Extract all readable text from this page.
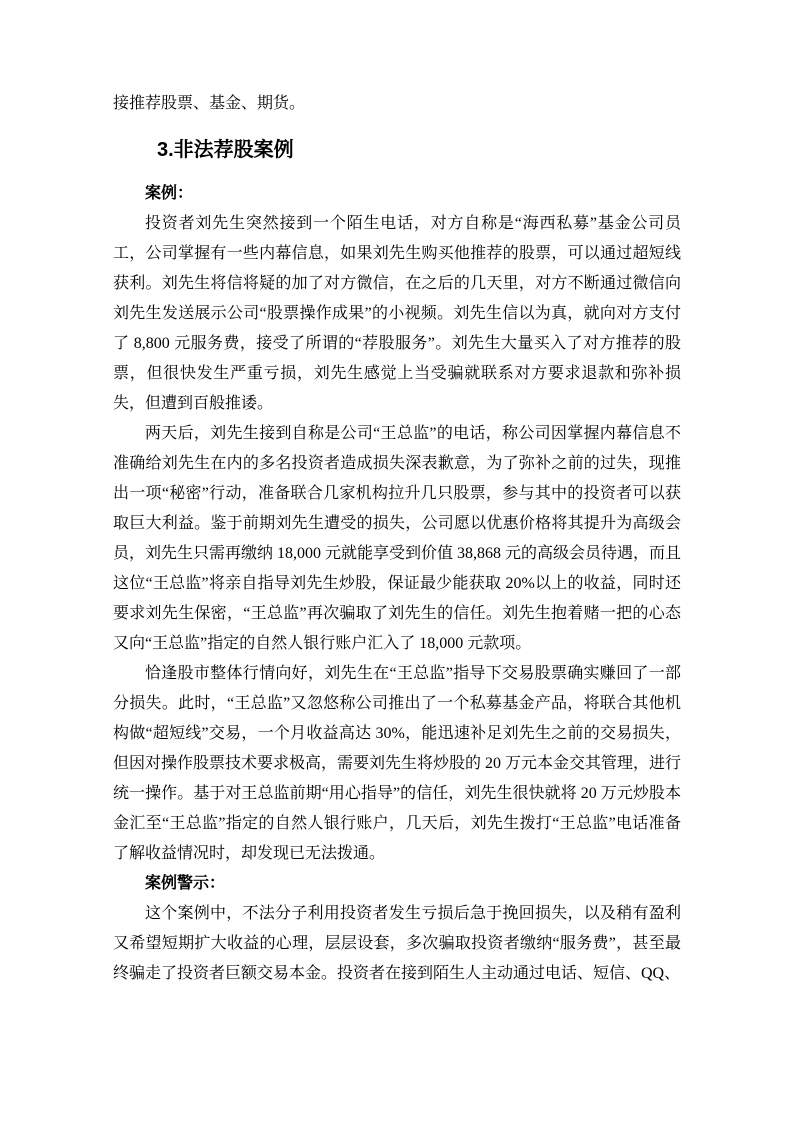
接推荐股票、基金、期货。

3.非法荐股案例

案例：

投资者刘先生突然接到一个陌生电话，对方自称是“海西私募”基金公司员工，公司掌握有一些内幕信息，如果刘先生购买他推荐的股票，可以通过超短线获利。刘先生将信将疑的加了对方微信，在之后的几天里，对方不断通过微信向刘先生发送展示公司“股票操作成果”的小视频。刘先生信以为真，就向对方支付了 8,800 元服务费，接受了所谓的“荐股服务”。刘先生大量买入了对方推荐的股票，但很快发生严重亏损，刘先生感觉上当受骗就联系对方要求退款和弥补损失，但遭到百般推诿。

两天后，刘先生接到自称是公司“王总监”的电话，称公司因掌握内幕信息不准确给刘先生在内的多名投资者造成损失深表歉意，为了弥补之前的过失，现推出一项“秘密”行动，准备联合几家机构拉升几只股票，参与其中的投资者可以获取巨大利益。鉴于前期刘先生遭受的损失，公司愿以优惠价格将其提升为高级会员，刘先生只需再缴纳 18,000 元就能享受到价值 38,868 元的高级会员待遇，而且这位“王总监”将亲自指导刘先生炒股，保证最少能获取 20%以上的收益，同时还要求刘先生保密，“王总监”再次骗取了刘先生的信任。刘先生抱着赌一把的心态又向“王总监”指定的自然人银行账户汇入了 18,000 元款项。

恰逢股市整体行情向好，刘先生在“王总监”指导下交易股票确实赚回了一部分损失。此时，“王总监”又忽悠称公司推出了一个私募基金产品，将联合其他机构做“超短线”交易，一个月收益高达 30%，能迅速补足刘先生之前的交易损失，但因对操作股票技术要求极高，需要刘先生将炒股的 20 万元本金交其管理，进行统一操作。基于对王总监前期“用心指导”的信任，刘先生很快就将 20 万元炒股本金汇至“王总监”指定的自然人银行账户，几天后，刘先生拨打“王总监”电话准备了解收益情况时，却发现已无法拨通。

案例警示：

这个案例中，不法分子利用投资者发生亏损后急于挽回损失，以及稍有盈利又希望短期扩大收益的心理，层层设套，多次骗取投资者缴纳“服务费”，甚至最终骗走了投资者巨额交易本金。投资者在接到陌生人主动通过电话、短信、QQ、
